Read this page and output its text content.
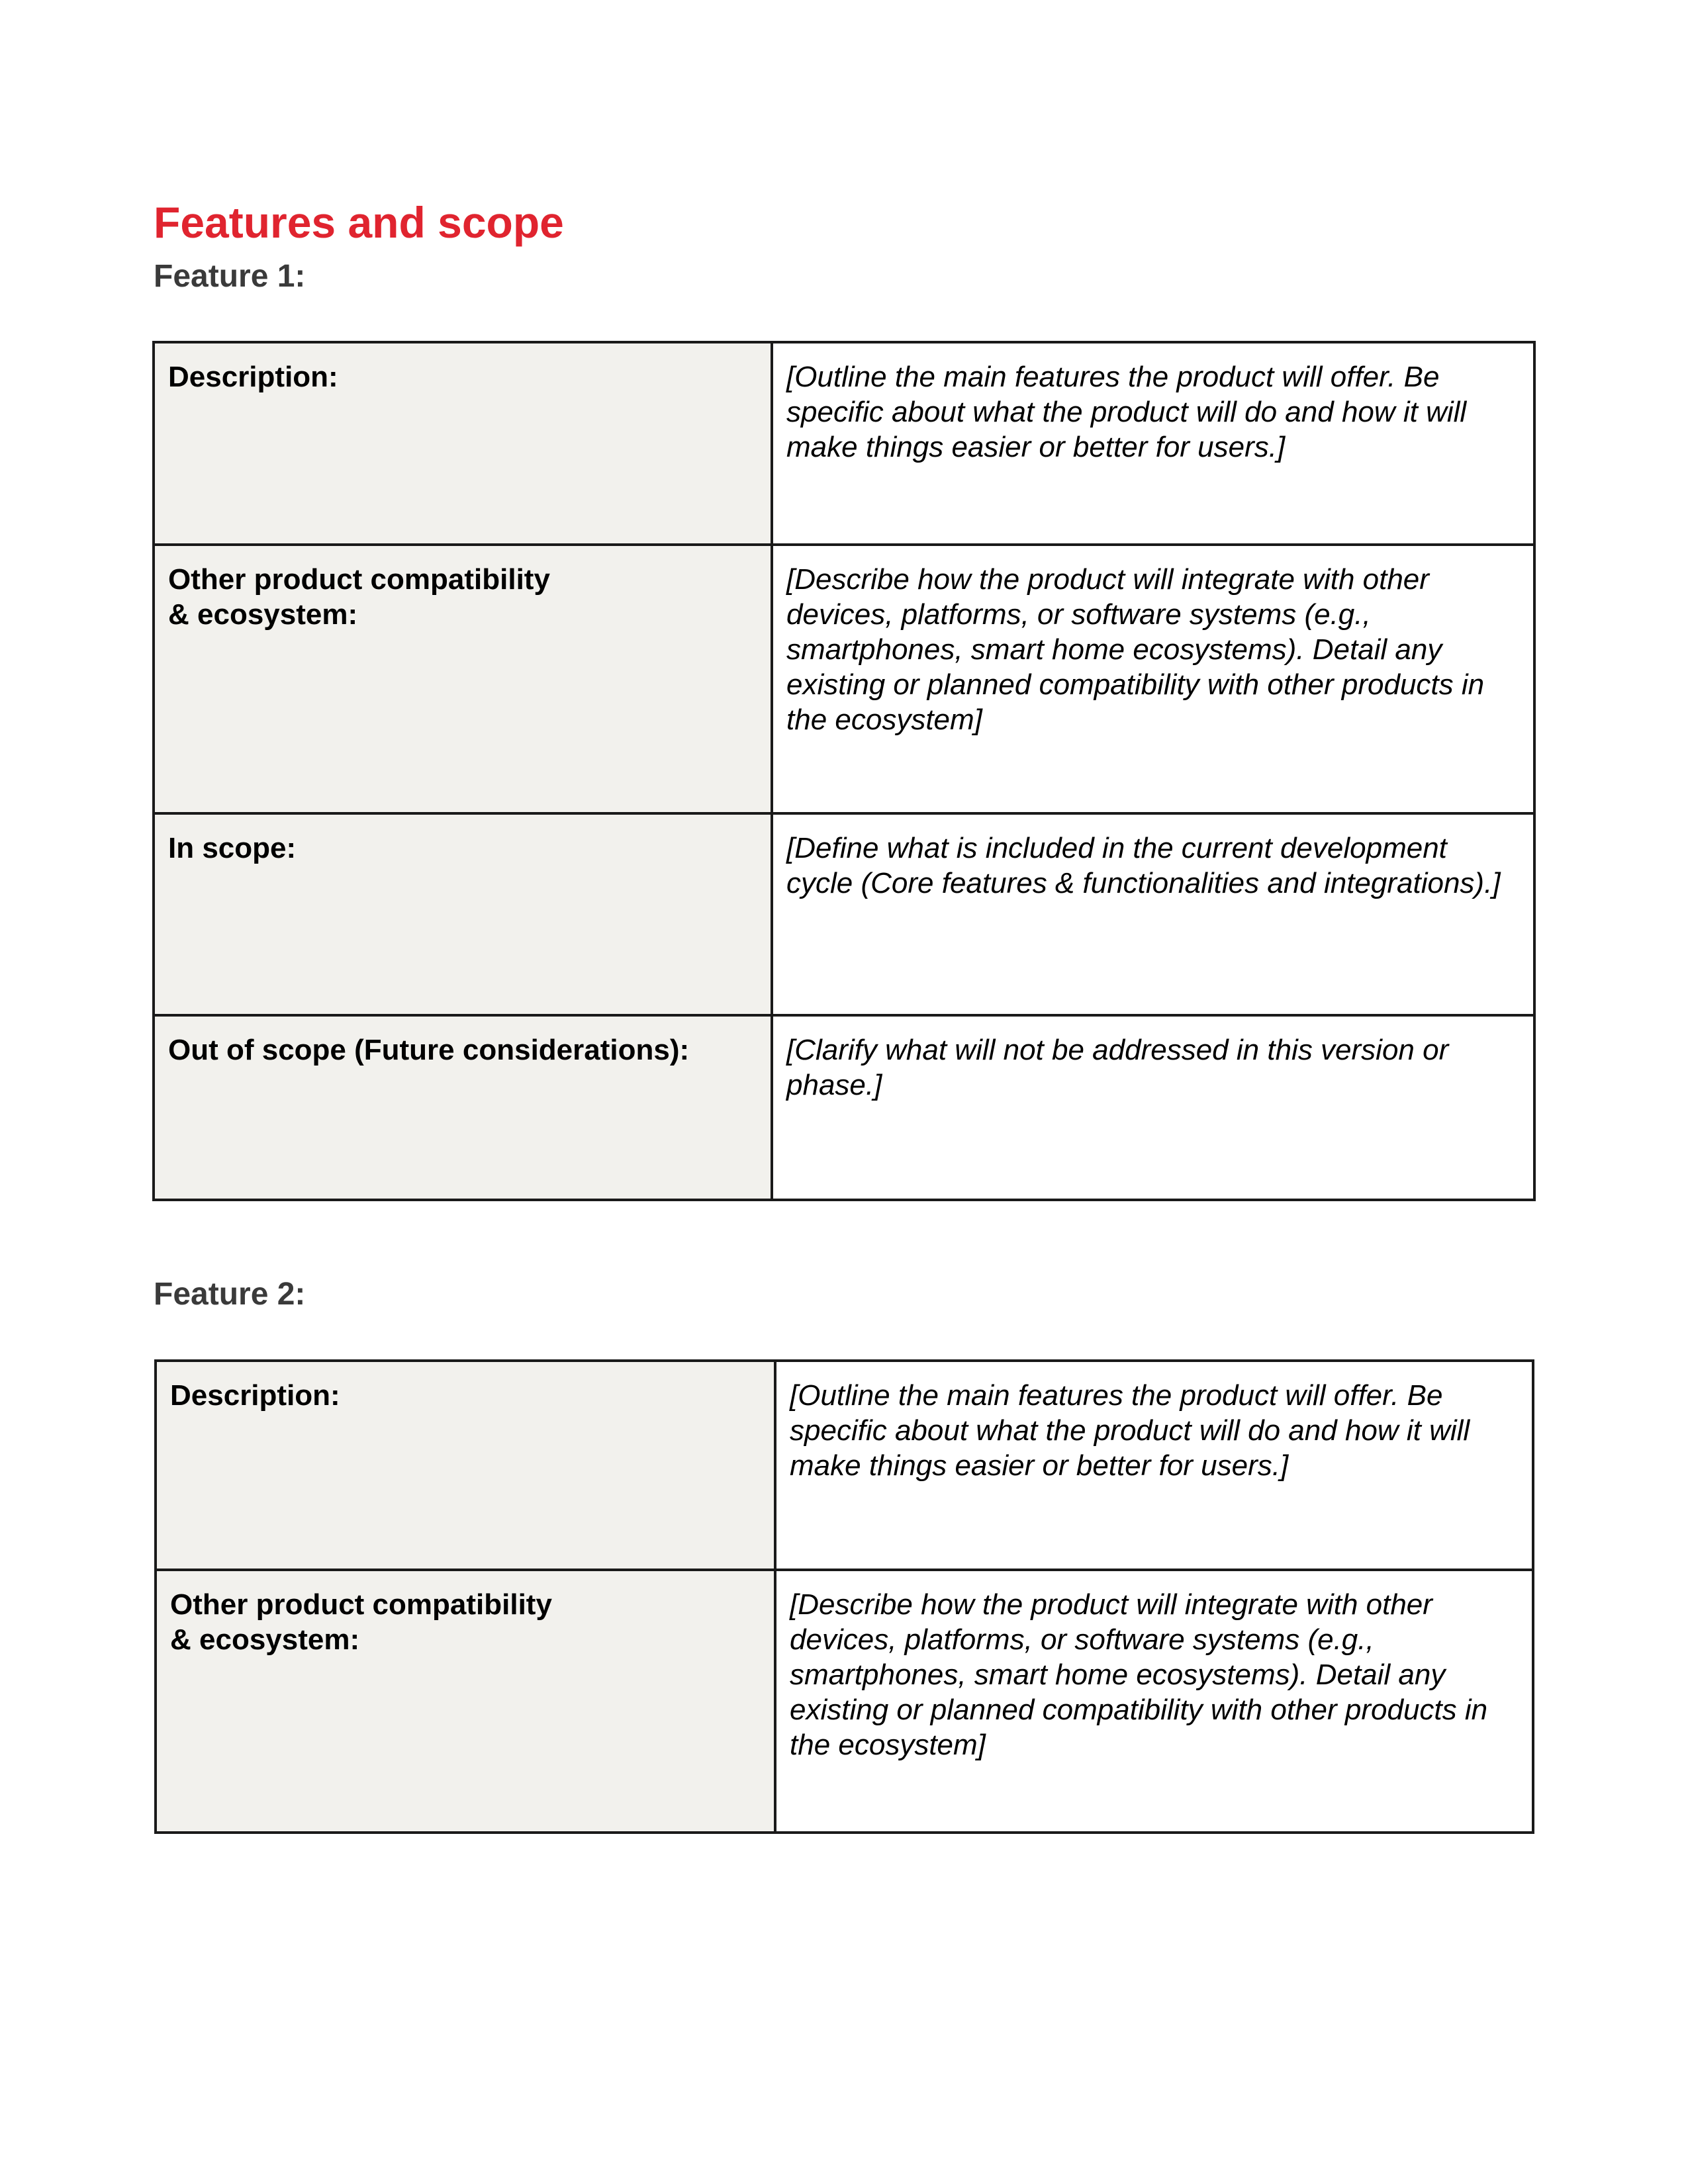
Features and scope
Feature 1:
Description:	[Outline the main features the product will offer. Be specific about what the product will do and how it will make things easier or better for users.]
Other product compatibility
& ecosystem:	[Describe how the product will integrate with other devices, platforms, or software systems (e.g., smartphones, smart home ecosystems). Detail any existing or planned compatibility with other products in the ecosystem]
In scope:	[Define what is included in the current development cycle (Core features & functionalities and integrations).]
Out of scope (Future considerations):	[Clarify what will not be addressed in this version or phase.]
Feature 2:
Description:	[Outline the main features the product will offer. Be specific about what the product will do and how it will make things easier or better for users.]
Other product compatibility
& ecosystem:	[Describe how the product will integrate with other devices, platforms, or software systems (e.g., smartphones, smart home ecosystems). Detail any existing or planned compatibility with other products in the ecosystem]
